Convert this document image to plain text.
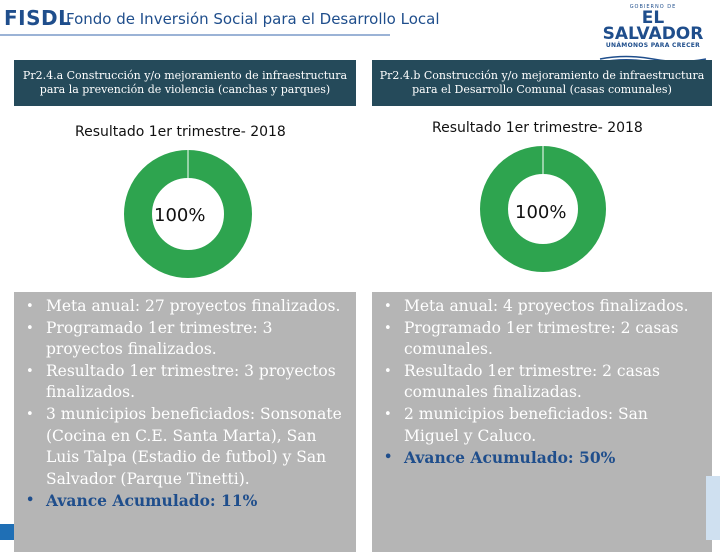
FISDL
Fondo de Inversión Social para el Desarrollo Local
GOBIERNO DE
EL SALVADOR
UNÁMONOS PARA CRECER
Pr2.4.a Construcción y/o mejoramiento de infraestructura para la prevención de violencia (canchas y parques)
Pr2.4.b Construcción y/o mejoramiento de infraestructura para el Desarrollo Comunal (casas comunales)
Resultado 1er trimestre- 2018	Resultado 1er trimestre- 2018
100%	100%
• Meta anual: 27 proyectos finalizados.
• Programado 1er trimestre: 3 proyectos finalizados.
• Resultado 1er trimestre: 3 proyectos finalizados.
• 3 municipios beneficiados: Sonsonate (Cocina en C.E. Santa Marta), San Luis Talpa (Estadio de futbol) y San Salvador (Parque Tinetti).
• Avance Acumulado: 11%
• Meta anual: 4 proyectos finalizados.
• Programado 1er trimestre: 2 casas comunales.
• Resultado 1er trimestre: 2 casas comunales finalizadas.
• 2 municipios beneficiados: San Miguel y Caluco.
• Avance Acumulado: 50%
